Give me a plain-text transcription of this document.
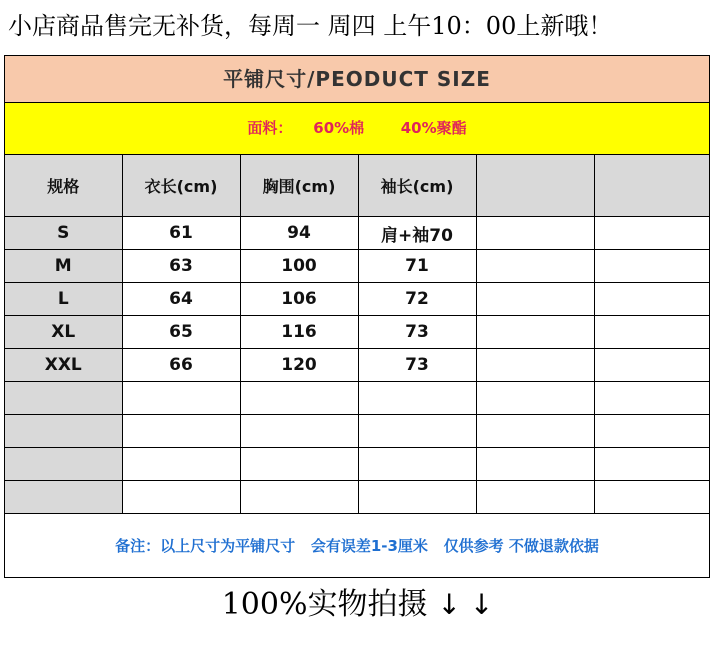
小店商品售完无补货，每周一 周四 上午10：00上新哦！
平铺尺寸/PEODUCT SIZE
面料： 60%棉 40%聚酯
规格	衣长(cm)	胸围(cm)	袖长(cm)		
S	61	94	肩+袖70		
M	63	100	71		
L	64	106	72		
XL	65	116	73		
XXL	66	120	73		

备注：以上尺寸为平铺尺寸   会有误差1-3厘米   仅供参考 不做退款依据
100%实物拍摄 ↓ ↓
